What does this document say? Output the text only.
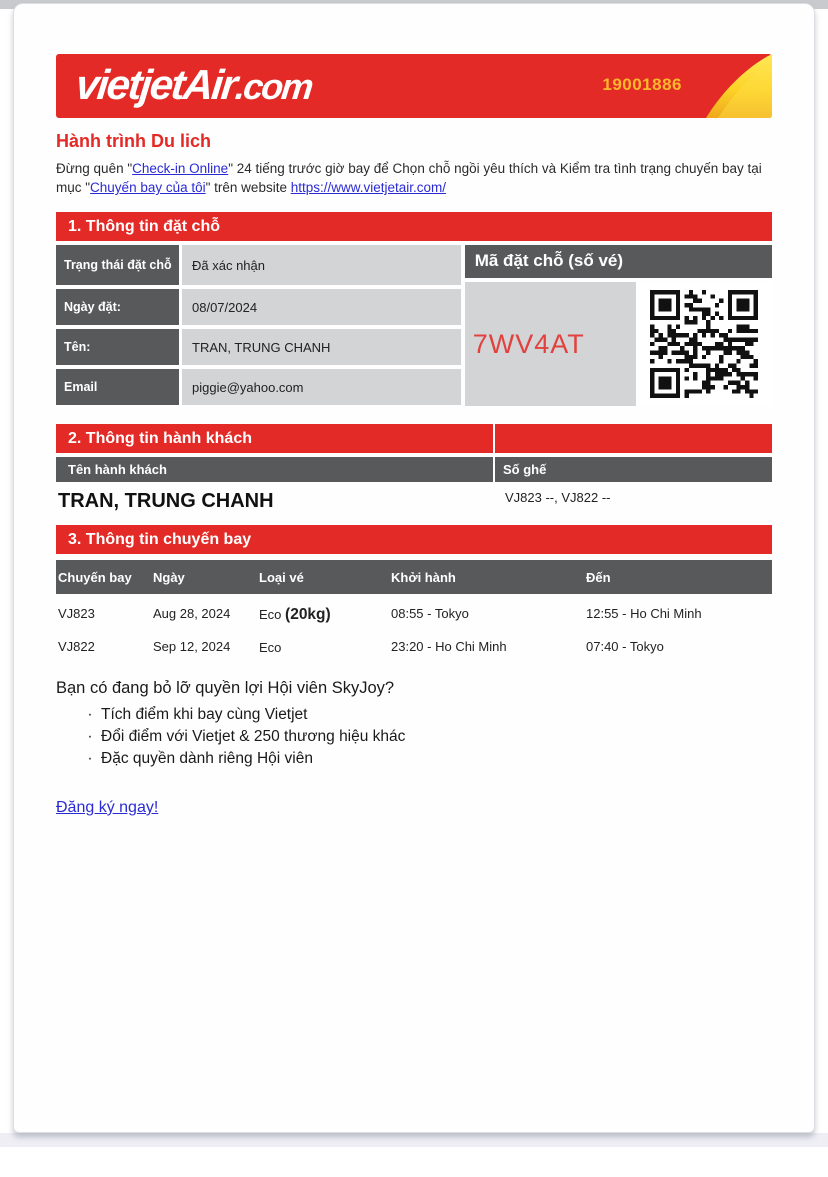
vietjetAir.com	19001886
Hành trình Du lich
Đừng quên "Check-in Online" 24 tiếng trước giờ bay để Chọn chỗ ngồi yêu thích và Kiểm tra tình trạng chuyến bay tại mục "Chuyến bay của tôi" trên website https://www.vietjetair.com/
1. Thông tin đặt chỗ
Trạng thái đặt chỗ	Đã xác nhận
Ngày đặt:	08/07/2024
Tên:	TRAN, TRUNG CHANH
Email	piggie@yahoo.com
Mã đặt chỗ (số vé)
7WV4AT
2. Thông tin hành khách
Tên hành khách	Số ghế
TRAN, TRUNG CHANH	VJ823 --, VJ822 --
3. Thông tin chuyến bay
Chuyến bay	Ngày	Loại vé	Khởi hành	Đến
VJ823	Aug 28, 2024	Eco (20kg)	08:55 - Tokyo	12:55 - Ho Chi Minh
VJ822	Sep 12, 2024	Eco	23:20 - Ho Chi Minh	07:40 - Tokyo
Bạn có đang bỏ lỡ quyền lợi Hội viên SkyJoy?
· Tích điểm khi bay cùng Vietjet
· Đổi điểm với Vietjet & 250 thương hiệu khác
· Đặc quyền dành riêng Hội viên
Đăng ký ngay!
